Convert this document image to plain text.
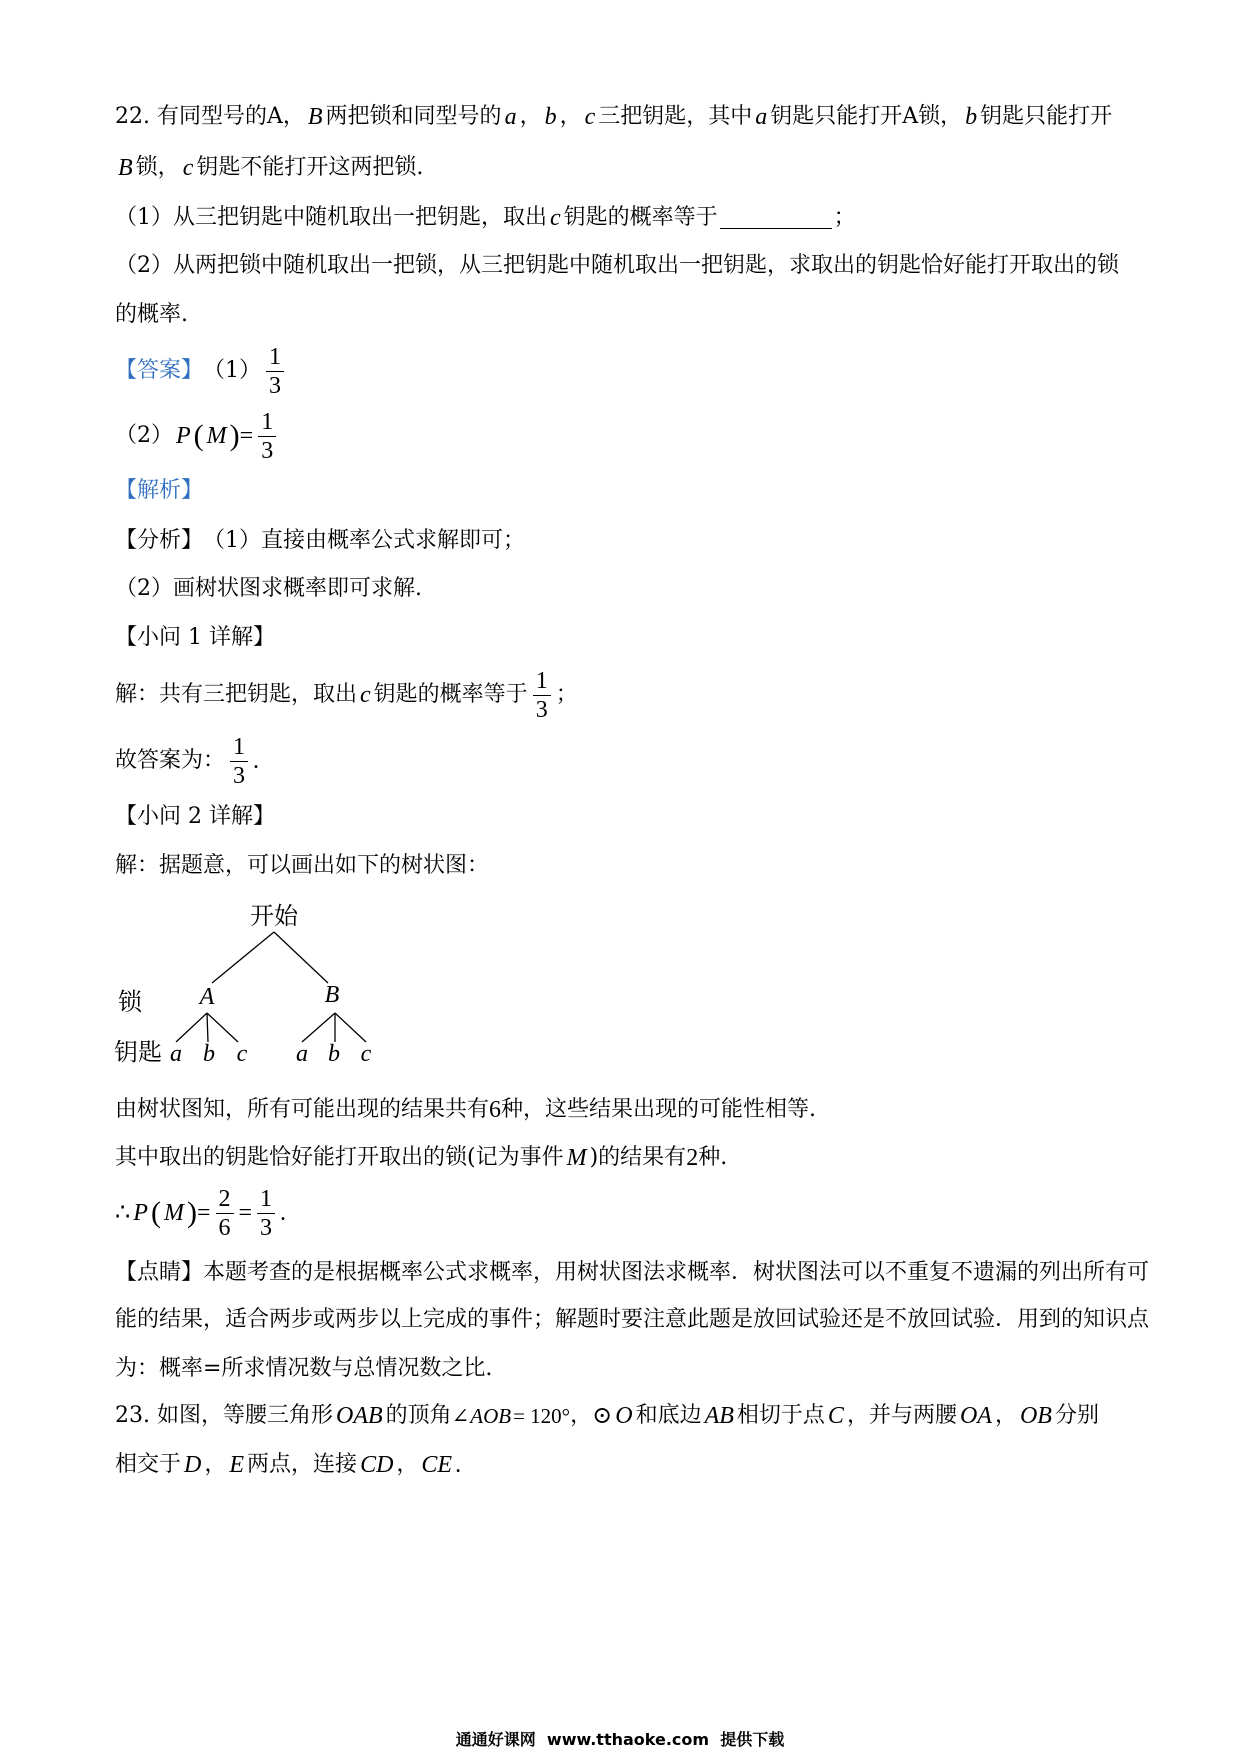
22. 有同型号的A， B 两把锁和同型号的 a ， b ， c 三把钥匙，其中 a 钥匙只能打开A锁， b 钥匙只能打开
B 锁， c 钥匙不能打开这两把锁.
（1）从三把钥匙中随机取出一把钥匙，取出 c 钥匙的概率等于	；
（2）从两把锁中随机取出一把锁，从三把钥匙中随机取出一把钥匙，求取出的钥匙恰好能打开取出的锁
的概率.
【答案】 $(1) \frac{1}{3}$
（2） P ( M ) = $\frac{1}{3}$
【解析】
【分析】 （1）直接由概率公式求解即可；
（2）画树状图求概率即可求解.
【小问 1 详解】
解：共有三把钥匙，取出 c 钥匙的概率等于 $\frac{1}{3}$ ；
故答案为： $\frac{1}{3}$ .
【小问 2 详解】
解：据题意，可以画出如下的树状图：
开始
锁
钥匙
A	B
a b c a b c
由树状图知，所有可能出现的结果共有 6 种，这些结果出现的可能性相等.
其中取出的钥匙恰好能打开取出的锁(记为事件 M )的结果有 2 种.
∴ P ( M ) = $\frac{2}{6} = \frac{1}{3}$ .
【点睛】 本题考查的是根据概率公式求概率，用树状图法求概率．树状图法可以不重复不遗漏的列出所有可
能的结果，适合两步或两步以上完成的事件；解题时要注意此题是放回试验还是不放回试验．用到的知识点
为：概率=所求情况数与总情况数之比.
23. 如图，等腰三角形 OAB 的顶角 ∠ AOB = 120° ， ⊙ O 和底边 AB 相切于点 C ，并与两腰 OA ， OB 分别
相交于 D ， E 两点，连接 CD ， CE .
通通好课网  www.tthaoke.com  提供下载
